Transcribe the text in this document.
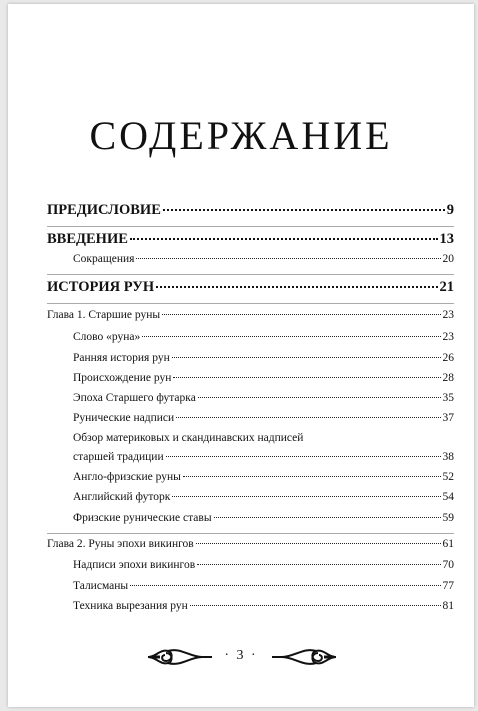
СОДЕРЖАНИЕ
ПРЕДИСЛОВИЕ	9
ВВЕДЕНИЕ	13
Сокращения	20
ИСТОРИЯ РУН	21
Глава 1. Старшие руны	23
Слово «руна»	23
Ранняя история рун	26
Происхождение рун	28
Эпоха Старшего футарка	35
Рунические надписи	37
Обзор материковых и скандинавских надписей
старшей традиции	38
Англо-фризские руны	52
Английский футорк	54
Фризские рунические ставы	59
Глава 2. Руны эпохи викингов	61
Надписи эпохи викингов	70
Талисманы	77
Техника вырезания рун	81
· 3 ·
